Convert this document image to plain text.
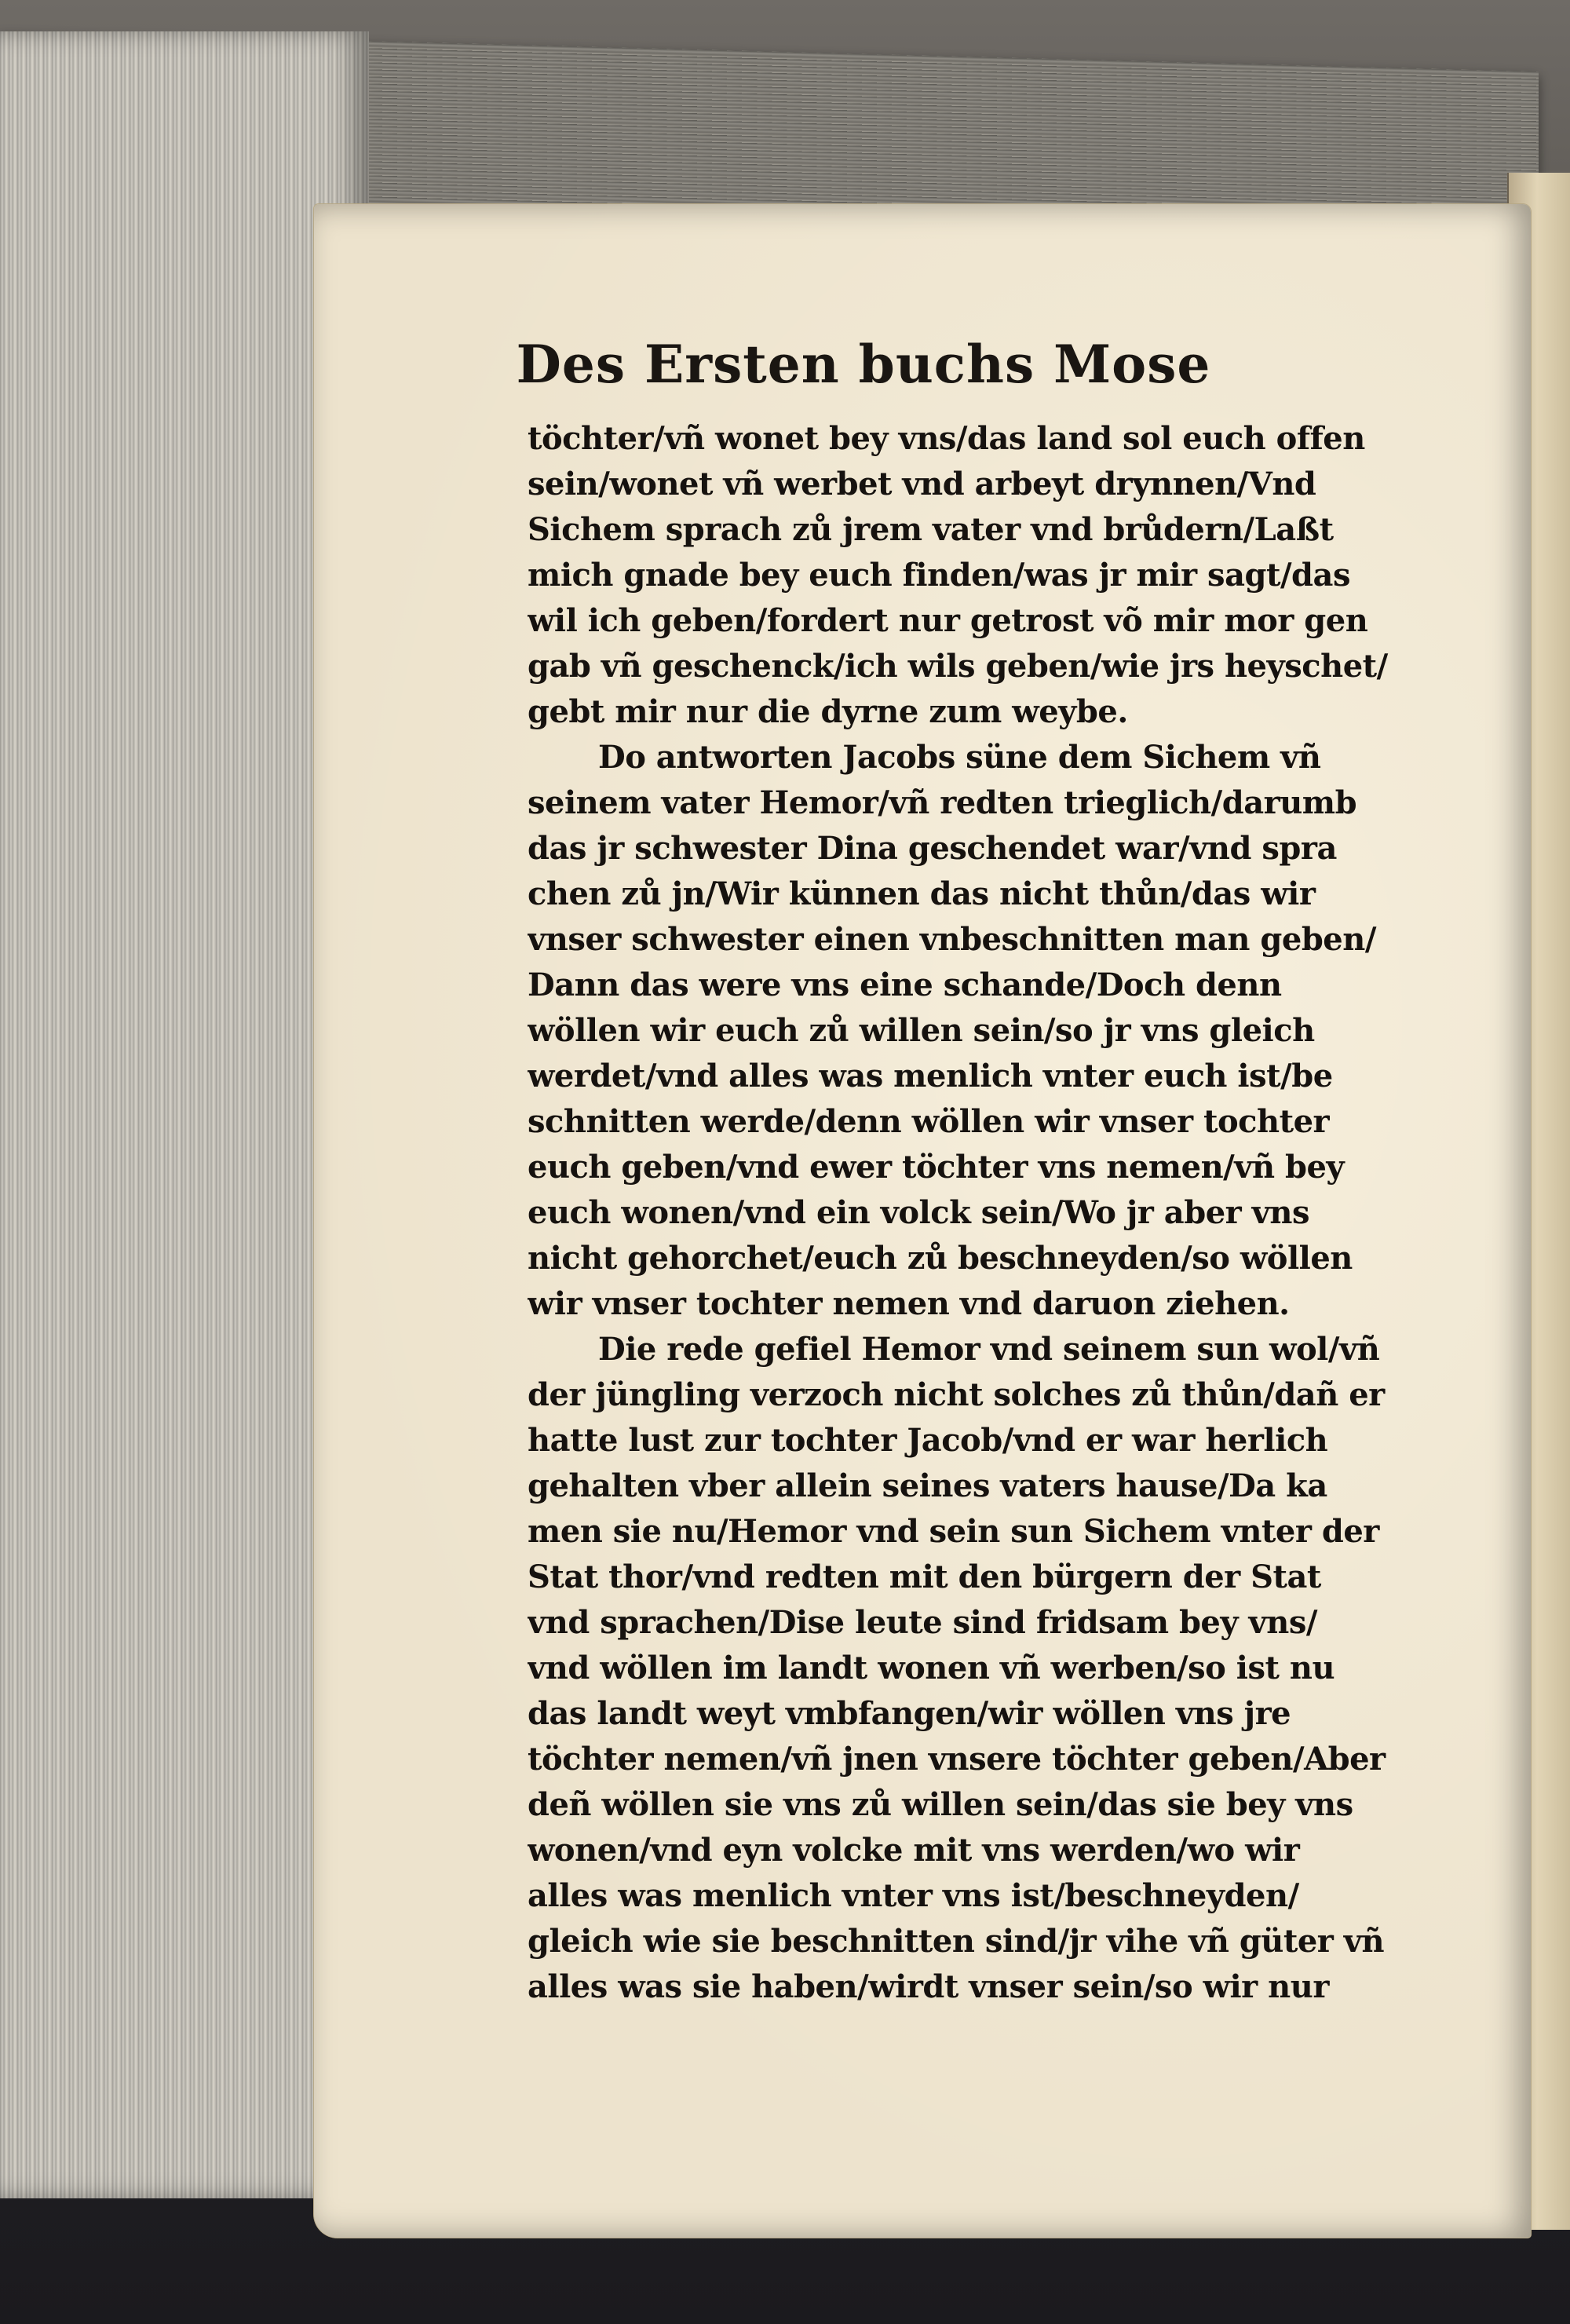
Des Ersten buchs Mose
töchter/vñ wonet bey vns/das land sol euch offen
sein/wonet vñ werbet vnd arbeyt drynnen/Vnd
Sichem sprach zů jrem vater vnd brůdern/Laßt
mich gnade bey euch finden/was jr mir sagt/das
wil ich geben/fordert nur getrost võ mir mor gen
gab vñ geschenck/ich wils geben/wie jrs heyschet/
gebt mir nur die dyrne zum weybe.
Do antworten Jacobs süne dem Sichem vñ
seinem vater Hemor/vñ redten trieglich/darumb
das jr schwester Dina geschendet war/vnd spra
chen zů jn/Wir künnen das nicht thůn/das wir
vnser schwester einen vnbeschnitten man geben/
Dann das were vns eine schande/Doch denn
wöllen wir euch zů willen sein/so jr vns gleich
werdet/vnd alles was menlich vnter euch ist/be
schnitten werde/denn wöllen wir vnser tochter
euch geben/vnd ewer töchter vns nemen/vñ bey
euch wonen/vnd ein volck sein/Wo jr aber vns
nicht gehorchet/euch zů beschneyden/so wöllen
wir vnser tochter nemen vnd daruon ziehen.
Die rede gefiel Hemor vnd seinem sun wol/vñ
der jüngling verzoch nicht solches zů thůn/dañ er
hatte lust zur tochter Jacob/vnd er war herlich
gehalten vber allein seines vaters hause/Da ka
men sie nu/Hemor vnd sein sun Sichem vnter der
Stat thor/vnd redten mit den bürgern der Stat
vnd sprachen/Dise leute sind fridsam bey vns/
vnd wöllen im landt wonen vñ werben/so ist nu
das landt weyt vmbfangen/wir wöllen vns jre
töchter nemen/vñ jnen vnsere töchter geben/Aber
deñ wöllen sie vns zů willen sein/das sie bey vns
wonen/vnd eyn volcke mit vns werden/wo wir
alles was menlich vnter vns ist/beschneyden/
gleich wie sie beschnitten sind/jr vihe vñ güter vñ
alles was sie haben/wirdt vnser sein/so wir nur
